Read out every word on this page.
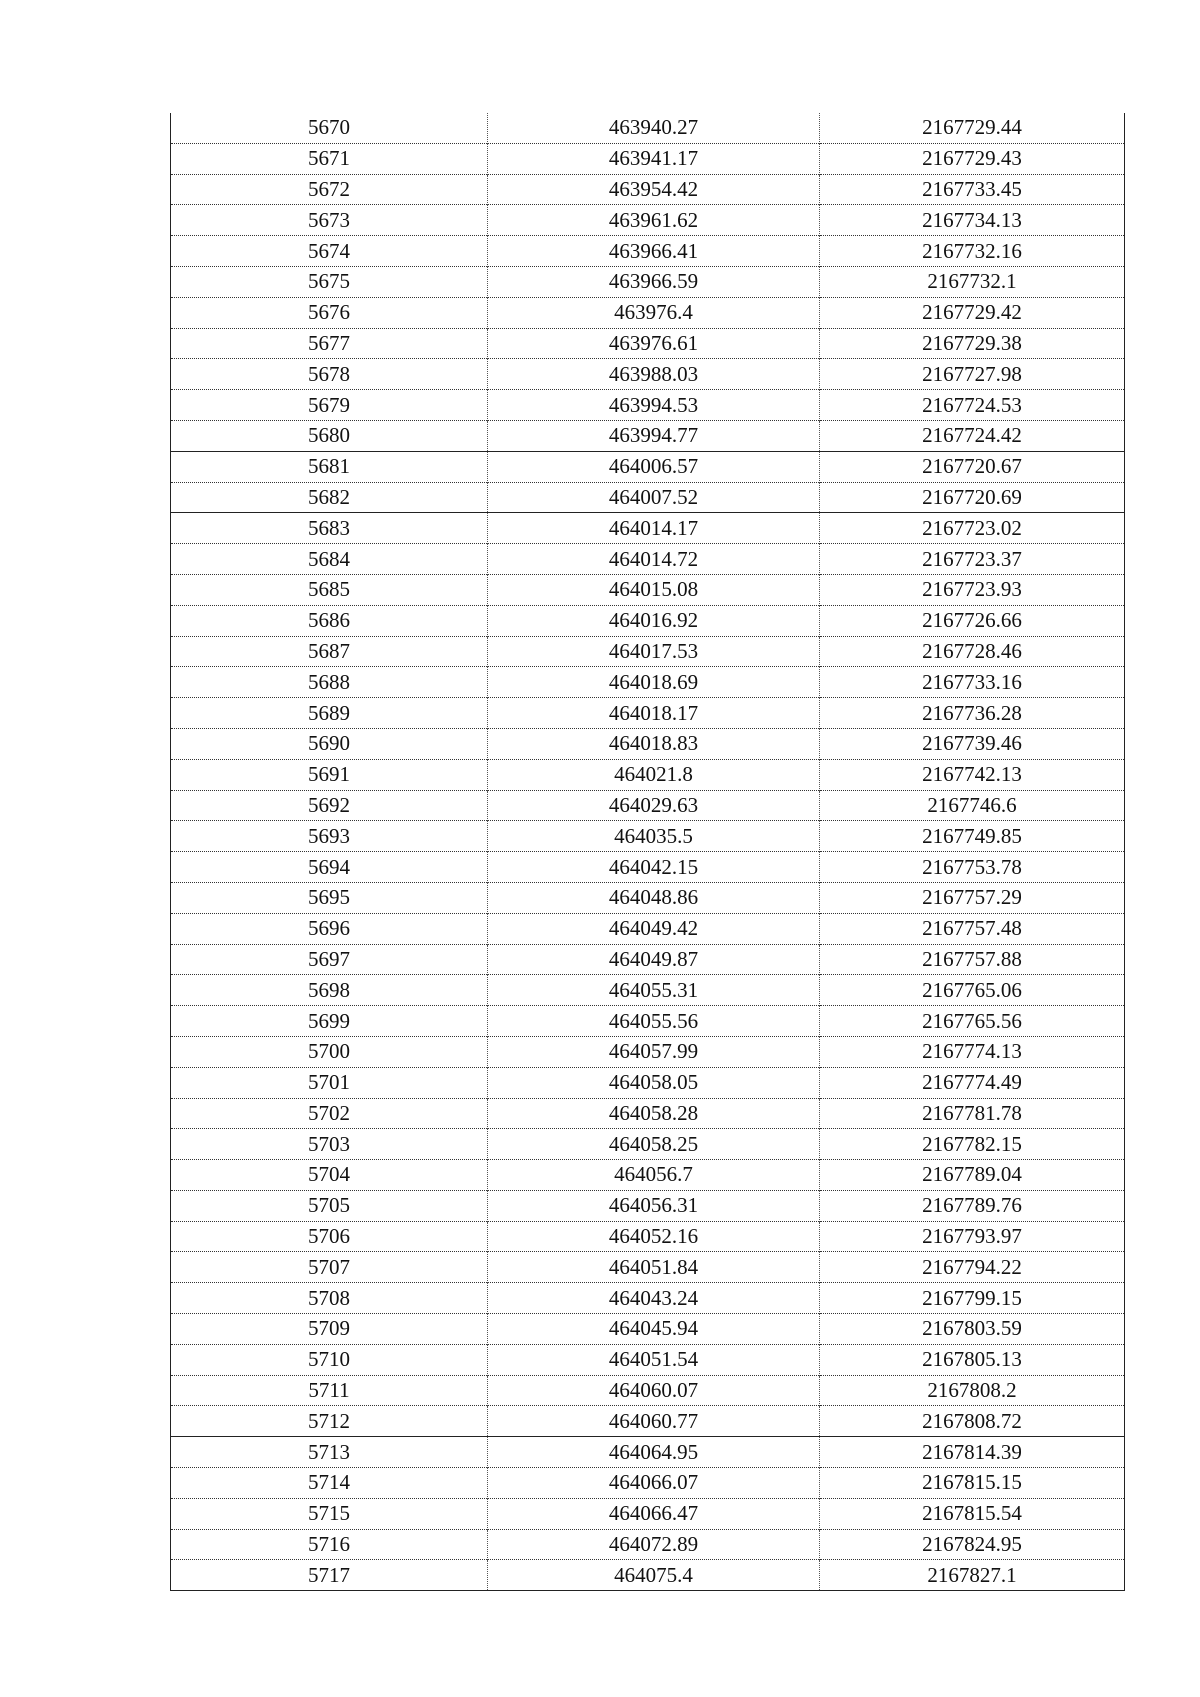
5670	463940.27	2167729.44
5671	463941.17	2167729.43
5672	463954.42	2167733.45
5673	463961.62	2167734.13
5674	463966.41	2167732.16
5675	463966.59	2167732.1
5676	463976.4	2167729.42
5677	463976.61	2167729.38
5678	463988.03	2167727.98
5679	463994.53	2167724.53
5680	463994.77	2167724.42
5681	464006.57	2167720.67
5682	464007.52	2167720.69
5683	464014.17	2167723.02
5684	464014.72	2167723.37
5685	464015.08	2167723.93
5686	464016.92	2167726.66
5687	464017.53	2167728.46
5688	464018.69	2167733.16
5689	464018.17	2167736.28
5690	464018.83	2167739.46
5691	464021.8	2167742.13
5692	464029.63	2167746.6
5693	464035.5	2167749.85
5694	464042.15	2167753.78
5695	464048.86	2167757.29
5696	464049.42	2167757.48
5697	464049.87	2167757.88
5698	464055.31	2167765.06
5699	464055.56	2167765.56
5700	464057.99	2167774.13
5701	464058.05	2167774.49
5702	464058.28	2167781.78
5703	464058.25	2167782.15
5704	464056.7	2167789.04
5705	464056.31	2167789.76
5706	464052.16	2167793.97
5707	464051.84	2167794.22
5708	464043.24	2167799.15
5709	464045.94	2167803.59
5710	464051.54	2167805.13
5711	464060.07	2167808.2
5712	464060.77	2167808.72
5713	464064.95	2167814.39
5714	464066.07	2167815.15
5715	464066.47	2167815.54
5716	464072.89	2167824.95
5717	464075.4	2167827.1
